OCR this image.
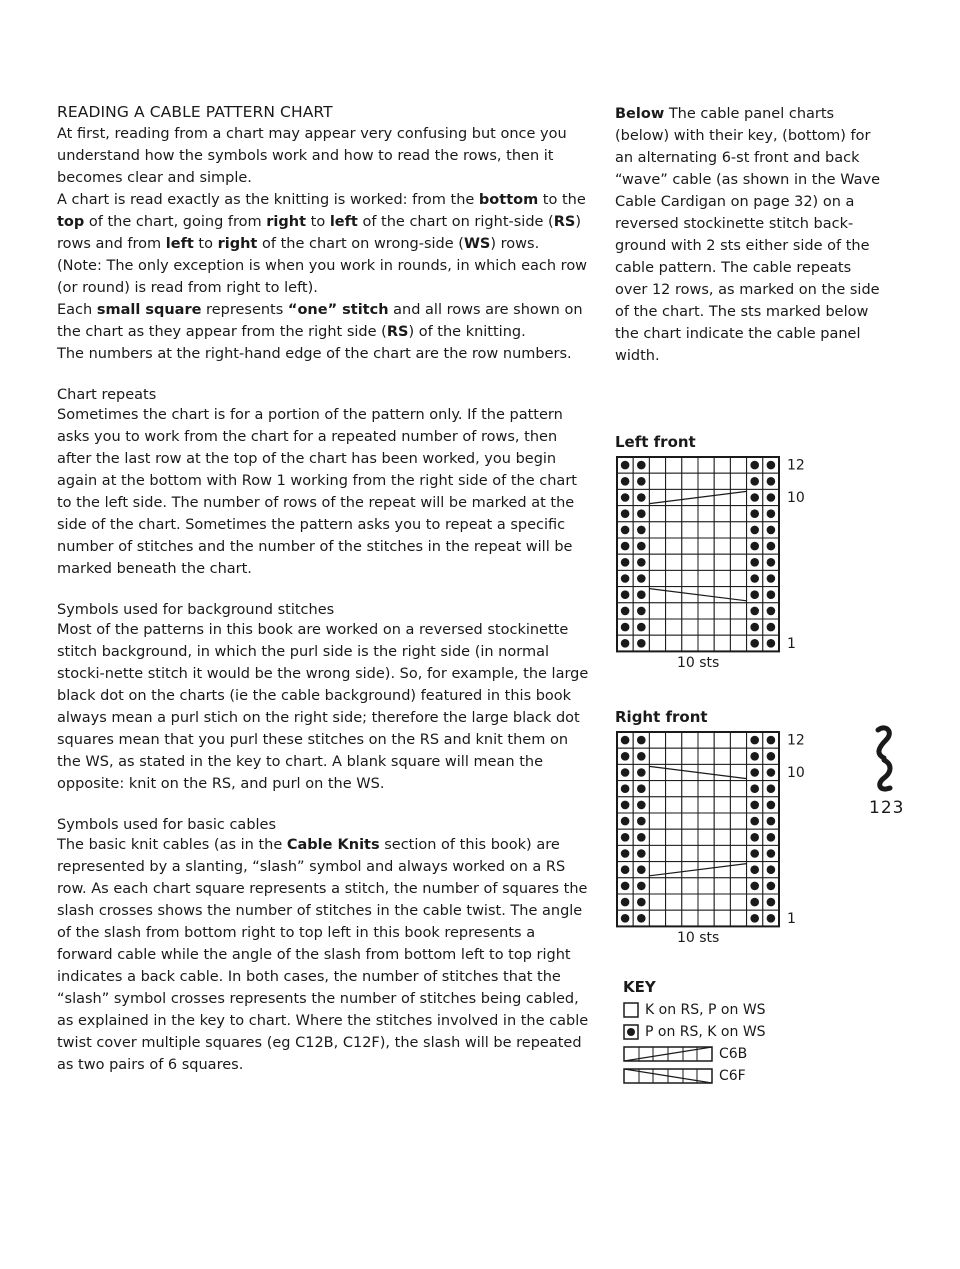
READING A CABLE PATTERN CHART

At first, reading from a chart may appear very confusing but once you understand how the symbols work and how to read the rows, then it becomes clear and simple.

A chart is read exactly as the knitting is worked: from the bottom to the top of the chart, going from right to left of the chart on right-side (RS) rows and from left to right of the chart on wrong-side (WS) rows.

(Note: The only exception is when you work in rounds, in which each row (or round) is read from right to left).

Each small square represents “one” stitch and all rows are shown on the chart as they appear from the right side (RS) of the knitting.

The numbers at the right-hand edge of the chart are the row numbers.

Chart repeats

Sometimes the chart is for a portion of the pattern only. If the pattern asks you to work from the chart for a repeated number of rows, then after the last row at the top of the chart has been worked, you begin again at the bottom with Row 1 working from the right side of the chart to the left side. The number of rows of the repeat will be marked at the side of the chart. Sometimes the pattern asks you to repeat a specific number of stitches and the number of the stitches in the repeat will be marked beneath the chart.

Symbols used for background stitches

Most of the patterns in this book are worked on a reversed stockinette stitch background, in which the purl side is the right side (in normal stocki-nette stitch it would be the wrong side). So, for example, the large black dot on the charts (ie the cable background) featured in this book always mean a purl stich on the right side; therefore the large black dot squares mean that you purl these stitches on the RS and knit them on the WS, as stated in the key to chart. A blank square will mean the opposite: knit on the RS, and purl on the WS.

Symbols used for basic cables

The basic knit cables (as in the Cable Knits section of this book) are represented by a slanting, “slash” symbol and always worked on a RS row. As each chart square represents a stitch, the number of squares the slash crosses shows the number of stitches in the cable twist. The angle of the slash from bottom right to top left in this book represents a forward cable while the angle of the slash from bottom left to top right indicates a back cable. In both cases, the number of stitches that the “slash” symbol crosses represents the number of stitches being cabled, as explained in the key to chart. Where the stitches involved in the cable twist cover multiple squares (eg C12B, C12F), the slash will be repeated as two pairs of 6 squares.

Below The cable panel charts (below) with their key, (bottom) for an alternating 6-st front and back “wave” cable (as shown in the Wave Cable Cardigan on page 32) on a reversed stockinette stitch back-ground with 2 sts either side of the cable pattern. The cable repeats over 12 rows, as marked on the side of the chart. The sts marked below the chart indicate the cable panel width.

Left front
12
10
1
10 sts
Right front
12
10
1
10 sts
123
KEY
K on RS, P on WS
P on RS, K on WS
C6B
C6F
